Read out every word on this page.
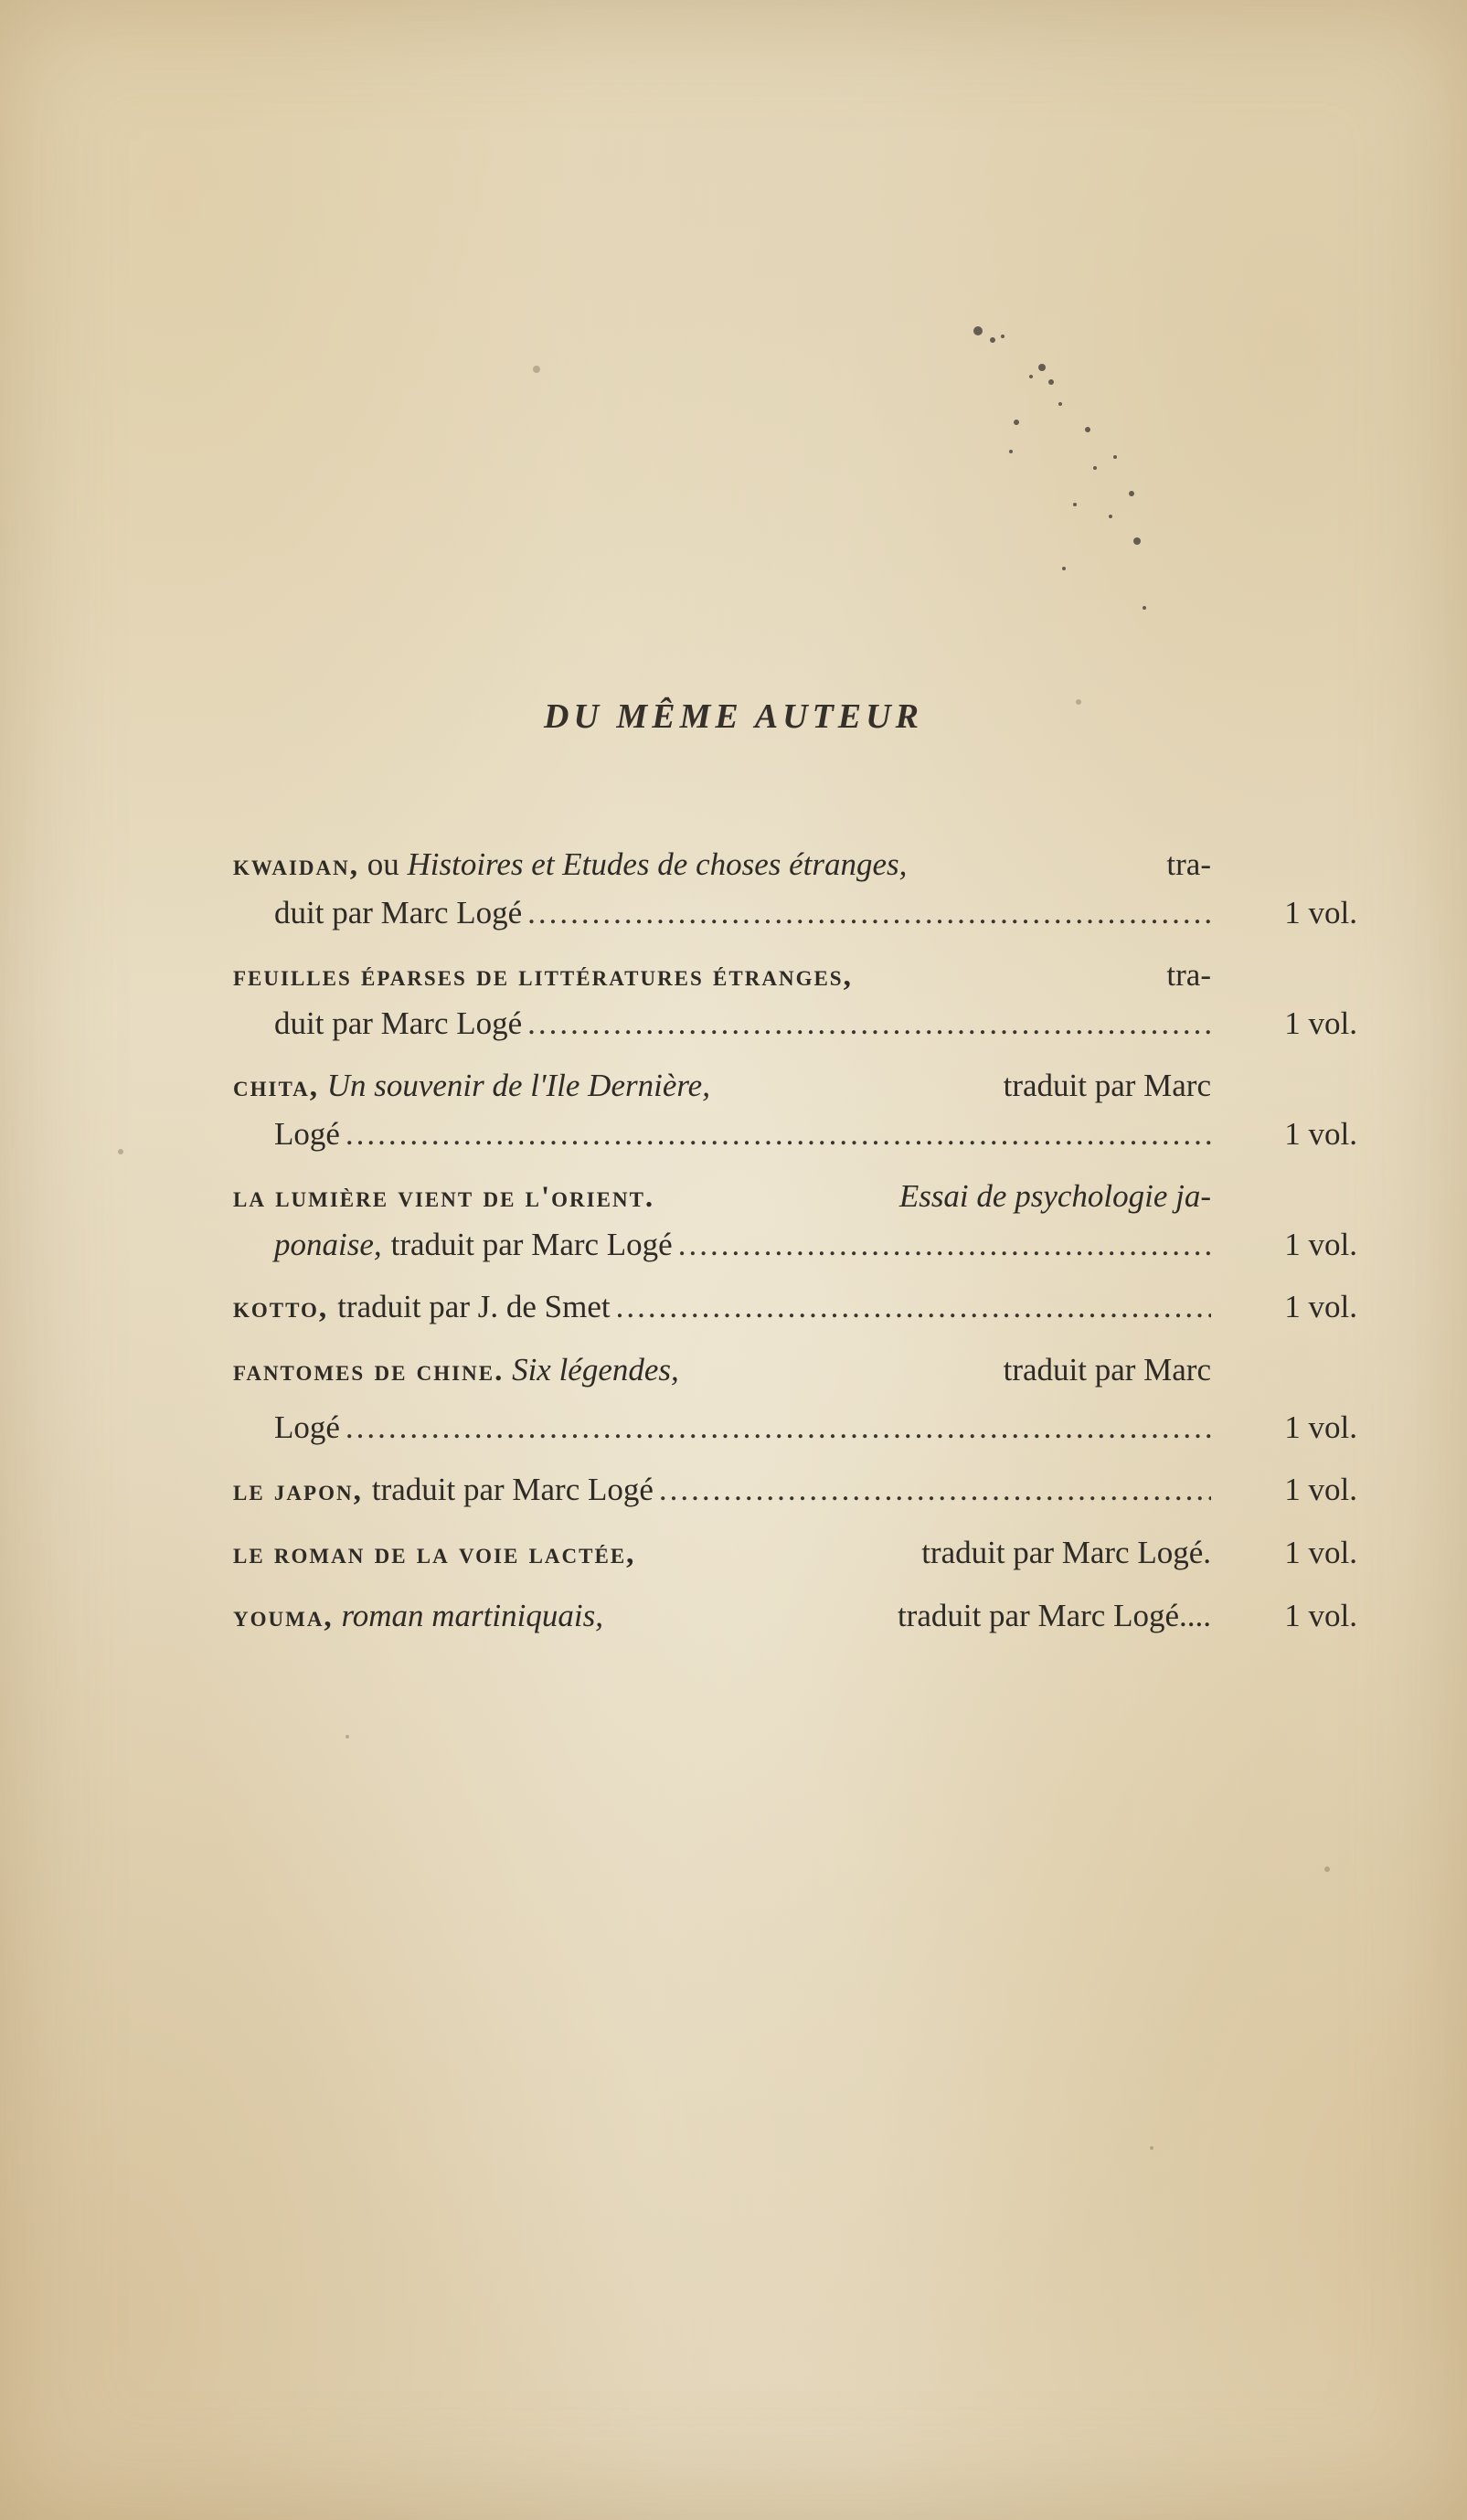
DU MÊME AUTEUR
kwaidan, ou Histoires et Etudes de choses étranges,	tra-
duit par Marc Logé .....	1 vol.
feuilles éparses de littératures étranges,	tra-
duit par Marc Logé .....	1 vol.
chita, Un souvenir de l'Ile Dernière,	traduit par Marc
Logé .....	1 vol.
la lumière vient de l'orient.	Essai de psychologie ja-
ponaise, traduit par Marc Logé .....	1 vol.
kotto, traduit par J. de Smet .....	1 vol.
fantomes de chine. Six légendes,	traduit par Marc
Logé .....	1 vol.
le japon, traduit par Marc Logé .....	1 vol.
le roman de la voie lactée,	traduit par Marc Logé.	1 vol.
youma, roman martiniquais,	traduit par Marc Logé....	1 vol.
